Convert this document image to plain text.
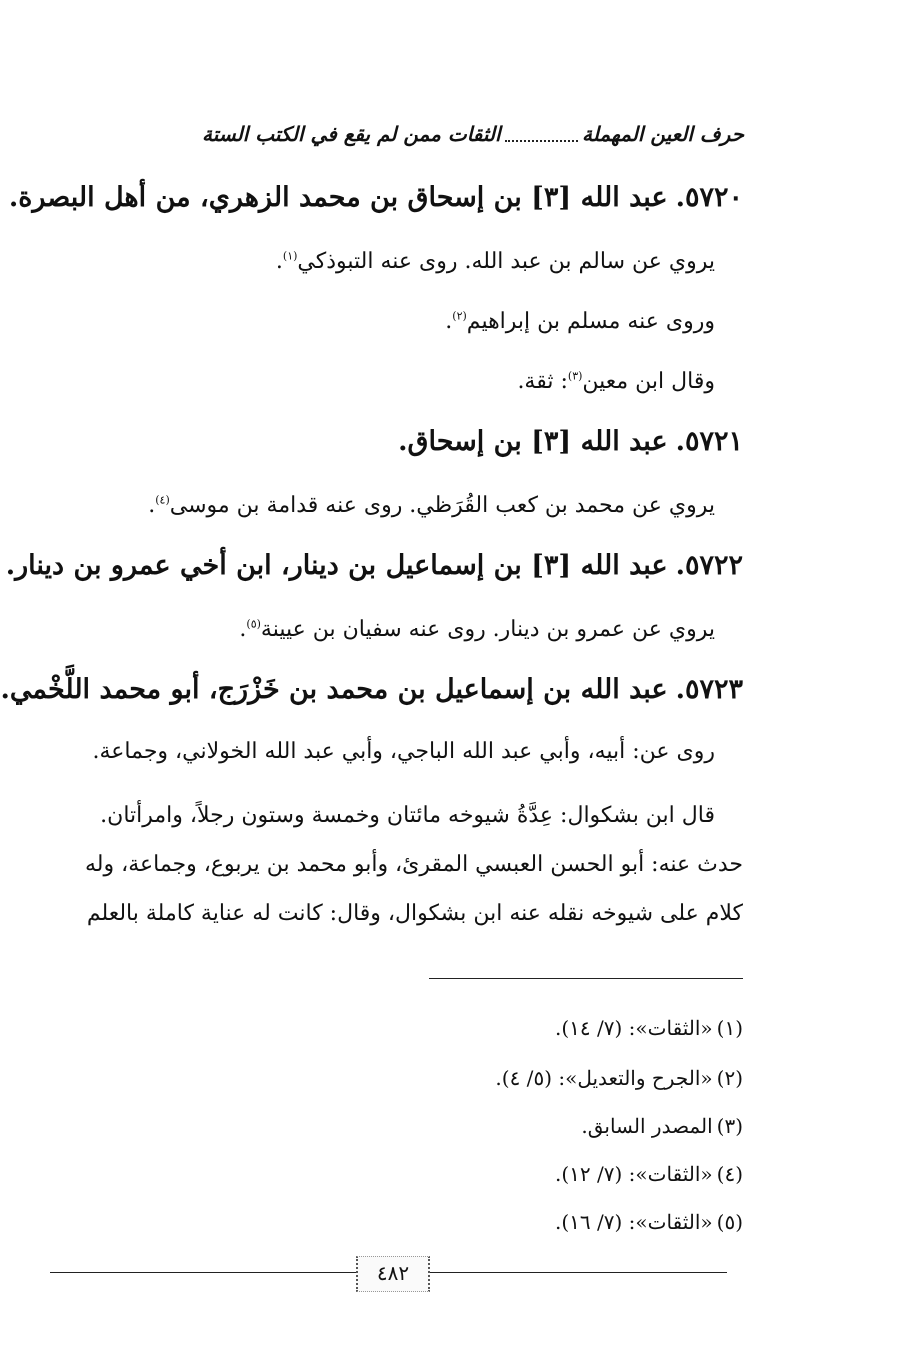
حرف العين المهملة
الثقات ممن لم يقع في الكتب الستة
٥٧٢٠.عبد الله [٣] بن إسحاق بن محمد الزهري، من أهل البصرة.
يروي عن سالم بن عبد الله. روى عنه التبوذكي$^{(١)}$.
وروى عنه مسلم بن إبراهيم$^{(٢)}$.
وقال ابن معين$^{(٣)}$: ثقة.
٥٧٢١.عبد الله [٣] بن إسحاق.
يروي عن محمد بن كعب القُرَظي. روى عنه قدامة بن موسى$^{(٤)}$.
٥٧٢٢.عبد الله [٣] بن إسماعيل بن دينار، ابن أخي عمرو بن دينار.
يروي عن عمرو بن دينار. روى عنه سفيان بن عيينة$^{(٥)}$.
٥٧٢٣.عبد الله بن إسماعيل بن محمد بن خَزْرَج، أبو محمد اللَّخْمي.
روى عن: أبيه، وأبي عبد الله الباجي، وأبي عبد الله الخولاني، وجماعة.
قال ابن بشكوال: عِدَّةُ شيوخه مائتان وخمسة وستون رجلاً، وامرأتان.
حدث عنه: أبو الحسن العبسي المقرئ، وأبو محمد بن يربوع، وجماعة، وله
كلام على شيوخه نقله عنه ابن بشكوال، وقال: كانت له عناية كاملة بالعلم
(١)«الثقات»: (٧/ ١٤).
(٢)«الجرح والتعديل»: (٥/ ٤).
(٣)المصدر السابق.
(٤)«الثقات»: (٧/ ١٢).
(٥)«الثقات»: (٧/ ١٦).
٤٨٢
